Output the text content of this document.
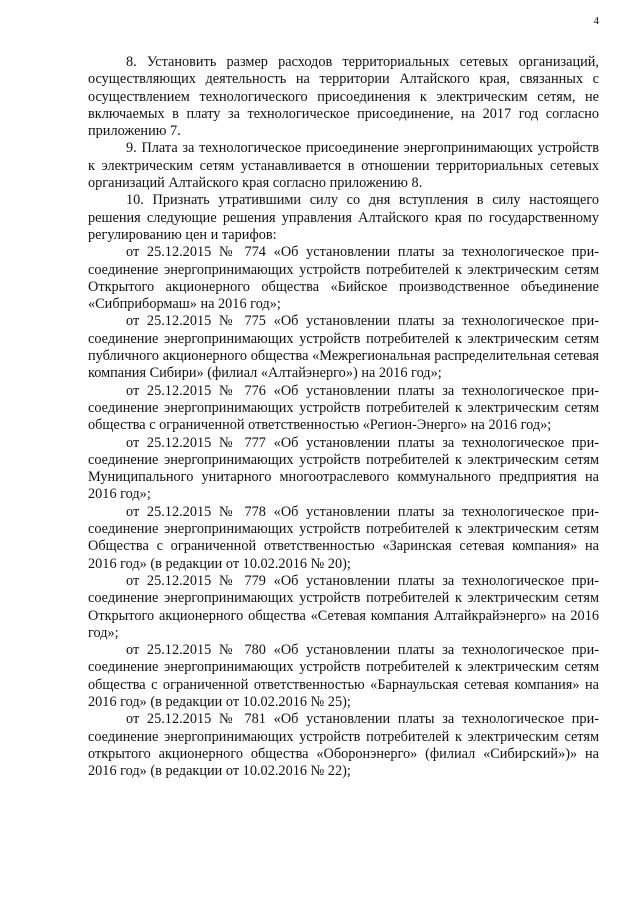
4

8. Установить размер расходов территориальных сетевых организаций, осуществляющих деятельность на территории Алтайского края, связанных с осуществлением технологического присоединения к электрическим сетям, не включаемых в плату за технологическое присоединение, на 2017 год согласно приложению 7.

9. Плата за технологическое присоединение энергопринимающих устройств к электрическим сетям устанавливается в отношении территориальных сетевых организаций Алтайского края согласно приложению 8.

10. Признать утратившими силу со дня вступления в силу настоящего решения следующие решения управления Алтайского края по государственному регулированию цен и тарифов:

от 25.12.2015 № 774 «Об установлении платы за технологическое присоединение энергопринимающих устройств потребителей к электрическим сетям Открытого акционерного общества «Бийское производственное объединение «Сибприбормаш» на 2016 год»;

от 25.12.2015 № 775 «Об установлении платы за технологическое присоединение энергопринимающих устройств потребителей к электрическим сетям публичного акционерного общества «Межрегиональная распределительная сетевая компания Сибири» (филиал «Алтайэнерго») на 2016 год»;

от 25.12.2015 № 776 «Об установлении платы за технологическое присоединение энергопринимающих устройств потребителей к электрическим сетям общества с ограниченной ответственностью «Регион-Энерго» на 2016 год»;

от 25.12.2015 № 777 «Об установлении платы за технологическое присоединение энергопринимающих устройств потребителей к электрическим сетям Муниципального унитарного многоотраслевого коммунального предприятия на 2016 год»;

от 25.12.2015 № 778 «Об установлении платы за технологическое присоединение энергопринимающих устройств потребителей к электрическим сетям Общества с ограниченной ответственностью «Заринская сетевая компания» на 2016 год» (в редакции от 10.02.2016 № 20);

от 25.12.2015 № 779 «Об установлении платы за технологическое присоединение энергопринимающих устройств потребителей к электрическим сетям Открытого акционерного общества «Сетевая компания Алтайкрайэнерго» на 2016 год»;

от 25.12.2015 № 780 «Об установлении платы за технологическое присоединение энергопринимающих устройств потребителей к электрическим сетям общества с ограниченной ответственностью «Барнаульская сетевая компания» на 2016 год» (в редакции от 10.02.2016 № 25);

от 25.12.2015 № 781 «Об установлении платы за технологическое присоединение энергопринимающих устройств потребителей к электрическим сетям открытого акционерного общества «Оборонэнерго» (филиал «Сибирский»)» на 2016 год» (в редакции от 10.02.2016 № 22);
